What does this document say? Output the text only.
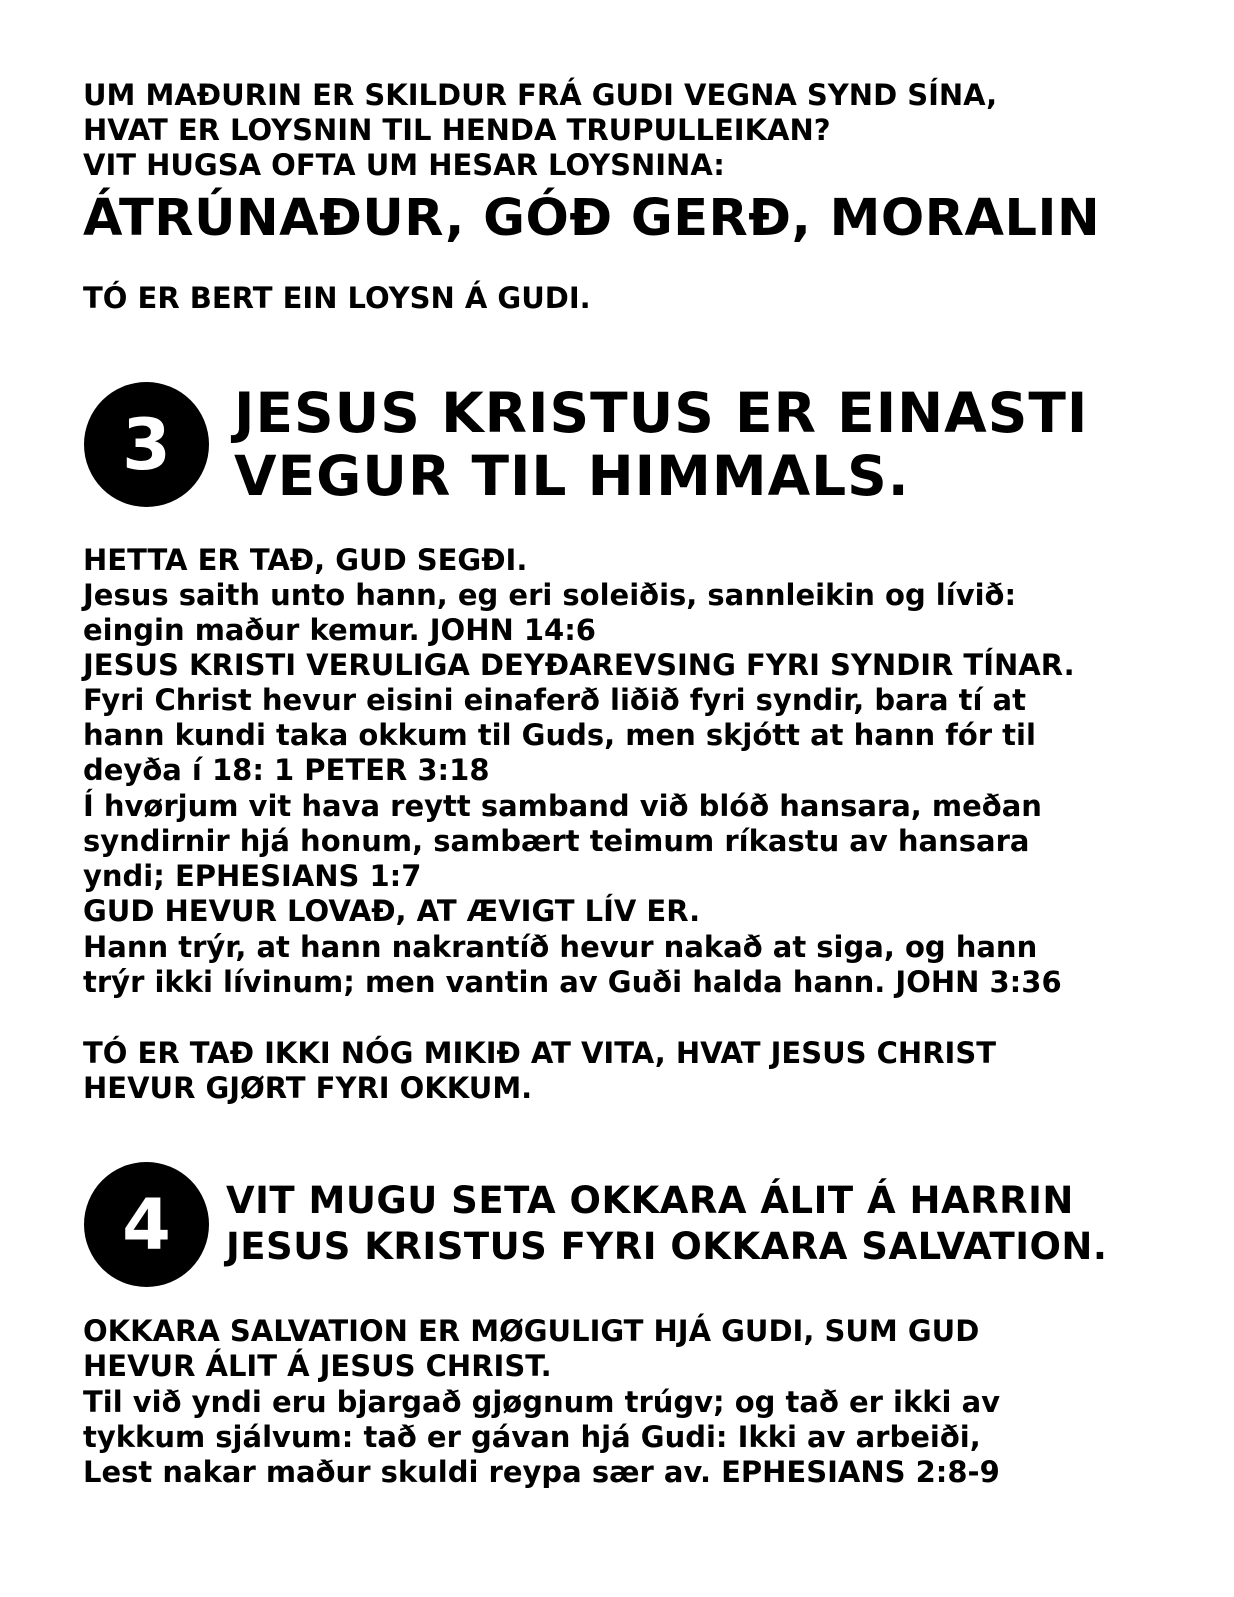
UM MAÐURIN ER SKILDUR FRÁ GUDI VEGNA SYND SÍNA,

HVAT ER LOYSNIN TIL HENDA TRUPULLEIKAN?

VIT HUGSA OFTA UM HESAR LOYSNINA:

ÁTRÚNAÐUR, GÓÐ GERÐ, MORALIN

TÓ ER BERT EIN LOYSN Á GUDI.

3	JESUS KRISTUS ER EINASTI

VEGUR TIL HIMMALS.

HETTA ER TAÐ, GUD SEGÐI.

Jesus saith unto hann, eg eri soleiðis, sannleikin og lívið:

eingin maður kemur. JOHN 14:6

JESUS KRISTI VERULIGA DEYÐAREVSING FYRI SYNDIR TÍNAR.

Fyri Christ hevur eisini einaferð liðið fyri syndir, bara tí at

hann kundi taka okkum til Guds, men skjótt at hann fór til

deyða í 18: 1 PETER 3:18

Í hvørjum vit hava reytt samband við blóð hansara, meðan

syndirnir hjá honum, sambært teimum ríkastu av hansara

yndi; EPHESIANS 1:7

GUD HEVUR LOVAÐ, AT ÆVIGT LÍV ER.

Hann trýr, at hann nakrantíð hevur nakað at siga, og hann

trýr ikki lívinum; men vantin av Guði halda hann. JOHN 3:36

TÓ ER TAÐ IKKI NÓG MIKIÐ AT VITA, HVAT JESUS CHRIST

HEVUR GJØRT FYRI OKKUM.

4	VIT MUGU SETA OKKARA ÁLIT Á HARRIN

JESUS KRISTUS FYRI OKKARA SALVATION.

OKKARA SALVATION ER MØGULIGT HJÁ GUDI, SUM GUD

HEVUR ÁLIT Á JESUS CHRIST.

Til við yndi eru bjargað gjøgnum trúgv; og tað er ikki av

tykkum sjálvum: tað er gávan hjá Gudi: Ikki av arbeiði,

Lest nakar maður skuldi reypa sær av. EPHESIANS 2:8-9
